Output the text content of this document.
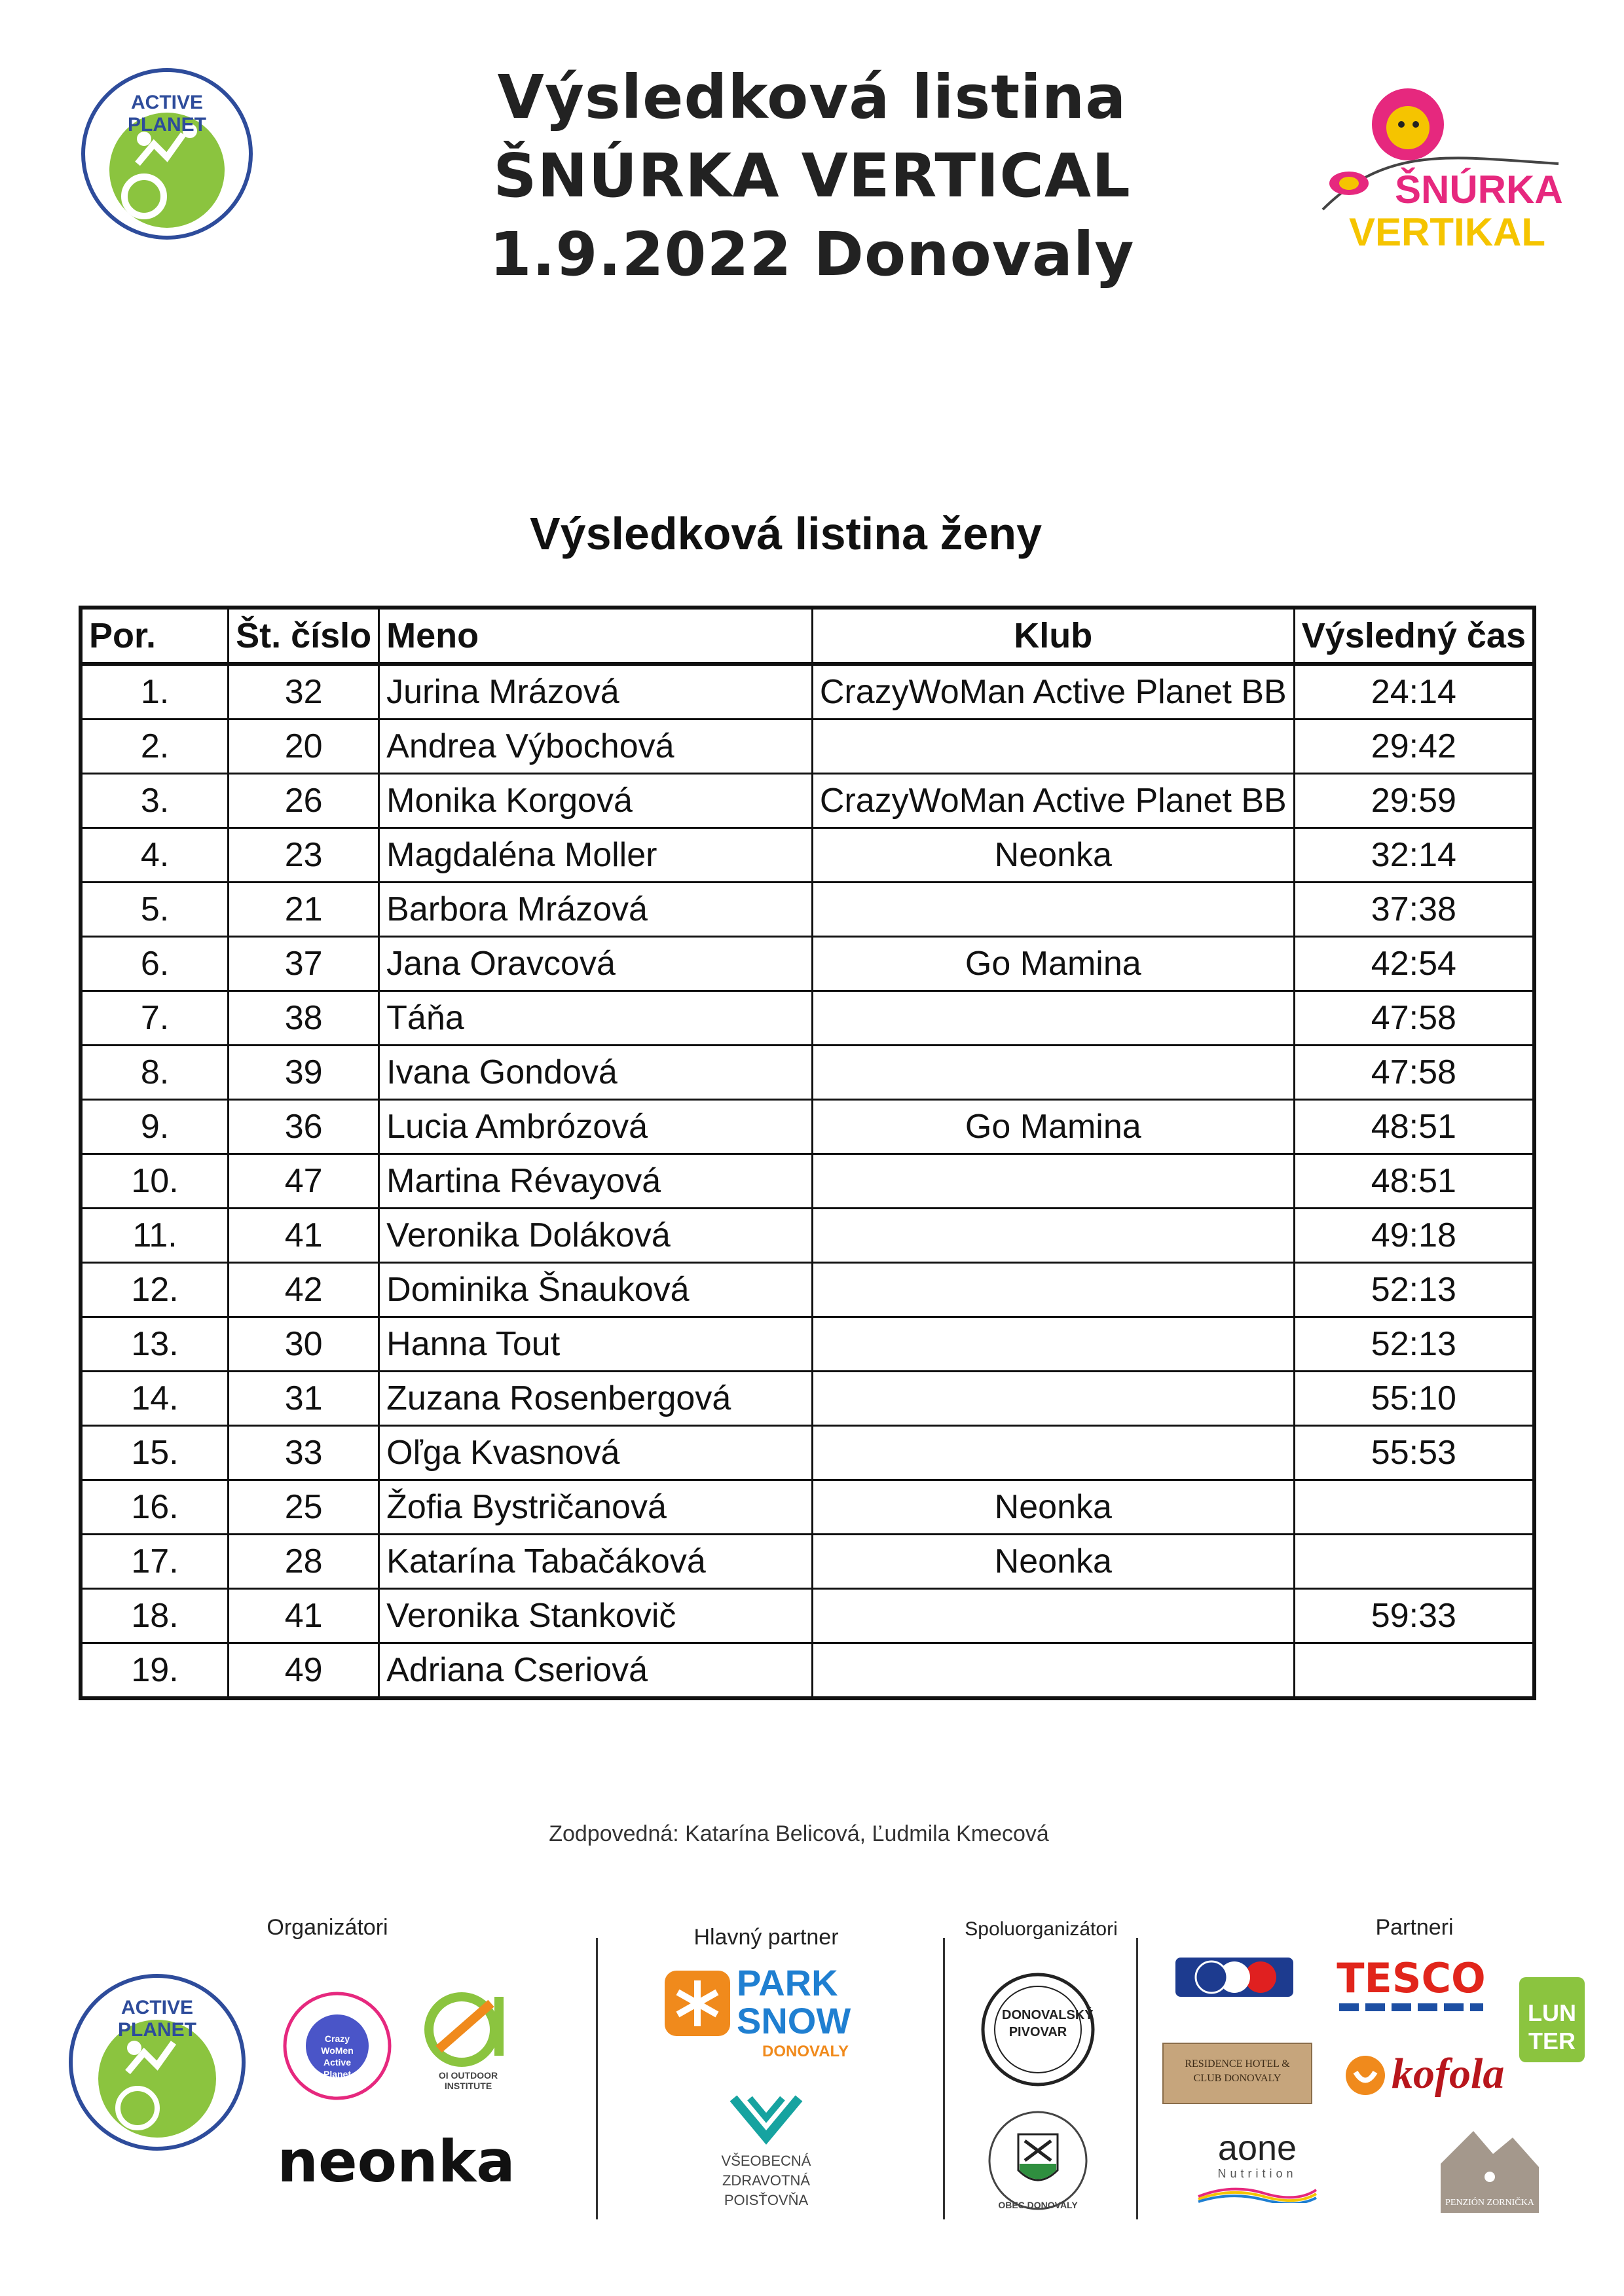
ACTIVE PLANET	Výsledková listina
ŠNÚRKA VERTICAL
1.9.2022 Donovaly
ŠNÚRKA
VERTIKAL
Výsledková listina ženy
Por.	Št. číslo	Meno	Klub	Výsledný čas
1.	32	Jurina Mrázová	CrazyWoMan Active Planet BB	24:14
2.	20	Andrea Výbochová		29:42
3.	26	Monika Korgová	CrazyWoMan Active Planet BB	29:59
4.	23	Magdaléna Moller	Neonka	32:14
5.	21	Barbora Mrázová		37:38
6.	37	Jana Oravcová	Go Mamina	42:54
7.	38	Táňa		47:58
8.	39	Ivana Gondová		47:58
9.	36	Lucia Ambrózová	Go Mamina	48:51
10.	47	Martina Révayová		48:51
11.	41	Veronika Doláková		49:18
12.	42	Dominika Šnauková		52:13
13.	30	Hanna Tout		52:13
14.	31	Zuzana Rosenbergová		55:10
15.	33	Oľga Kvasnová		55:53
16.	25	Žofia Bystričanová	Neonka	
17.	28	Katarína Tabačáková	Neonka	
18.	41	Veronika Stankovič		59:33
19.	49	Adriana Cseriová		
Zodpovedná: Katarína Belicová, Ľudmila Kmecová
Organizátori	Hlavný partner	Spoluorganizátori	Partneri
ACTIVE PLANET	Crazy WoMen Active Planet	OI OUTDOOR INSTITUTE
neonka
PARK SNOW
DONOVALY
VŠEOBECNÁ
ZDRAVOTNÁ
POISŤOVŇA
DONOVALSKÝ PIVOVAR
OBEC DONOVALY
TESCO
LUN
TER
RESIDENCE HOTEL & CLUB DONOVALY	kofola
aone
Nutrition
PENZIÓN ZORNIČKA
